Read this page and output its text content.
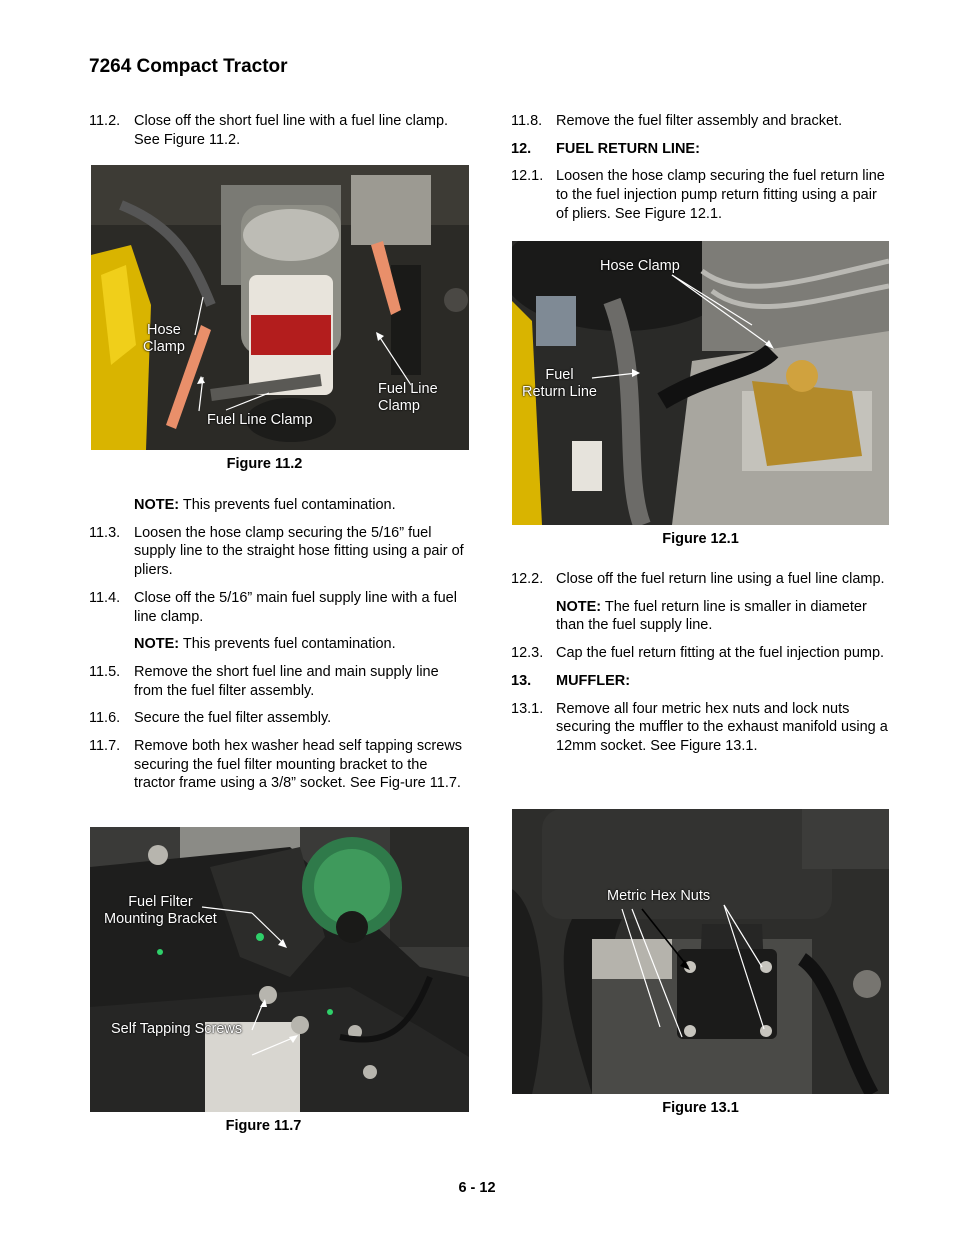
7264 Compact Tractor
11.2. Close off the short fuel line with a fuel line clamp. See Figure 11.2.
Hose
Clamp
Fuel Line Clamp
Fuel Line
Clamp
Figure 11.2
NOTE: This prevents fuel contamination.
11.3. Loosen the hose clamp securing the 5/16” fuel supply line to the straight hose fitting using a pair of pliers.
11.4. Close off the 5/16” main fuel supply line with a fuel line clamp.
NOTE: This prevents fuel contamination.
11.5. Remove the short fuel line and main supply line from the fuel filter assembly.
11.6. Secure the fuel filter assembly.
11.7. Remove both hex washer head self tapping screws securing the fuel filter mounting bracket to the tractor frame using a 3/8” socket. See Fig-ure 11.7.
Fuel Filter
Mounting Bracket
Self Tapping Screws
Figure 11.7
11.8. Remove the fuel filter assembly and bracket.
12. FUEL RETURN LINE:
12.1. Loosen the hose clamp securing the fuel return line to the fuel injection pump return fitting using a pair of pliers. See Figure 12.1.
Hose Clamp
Fuel
Return Line
Figure 12.1
12.2. Close off the fuel return line using a fuel line clamp.
NOTE: The fuel return line is smaller in diameter than the fuel supply line.
12.3. Cap the fuel return fitting at the fuel injection pump.
13. MUFFLER:
13.1. Remove all four metric hex nuts and lock nuts securing the muffler to the exhaust manifold using a 12mm socket. See Figure 13.1.
Metric Hex Nuts
Figure 13.1
6 - 12
